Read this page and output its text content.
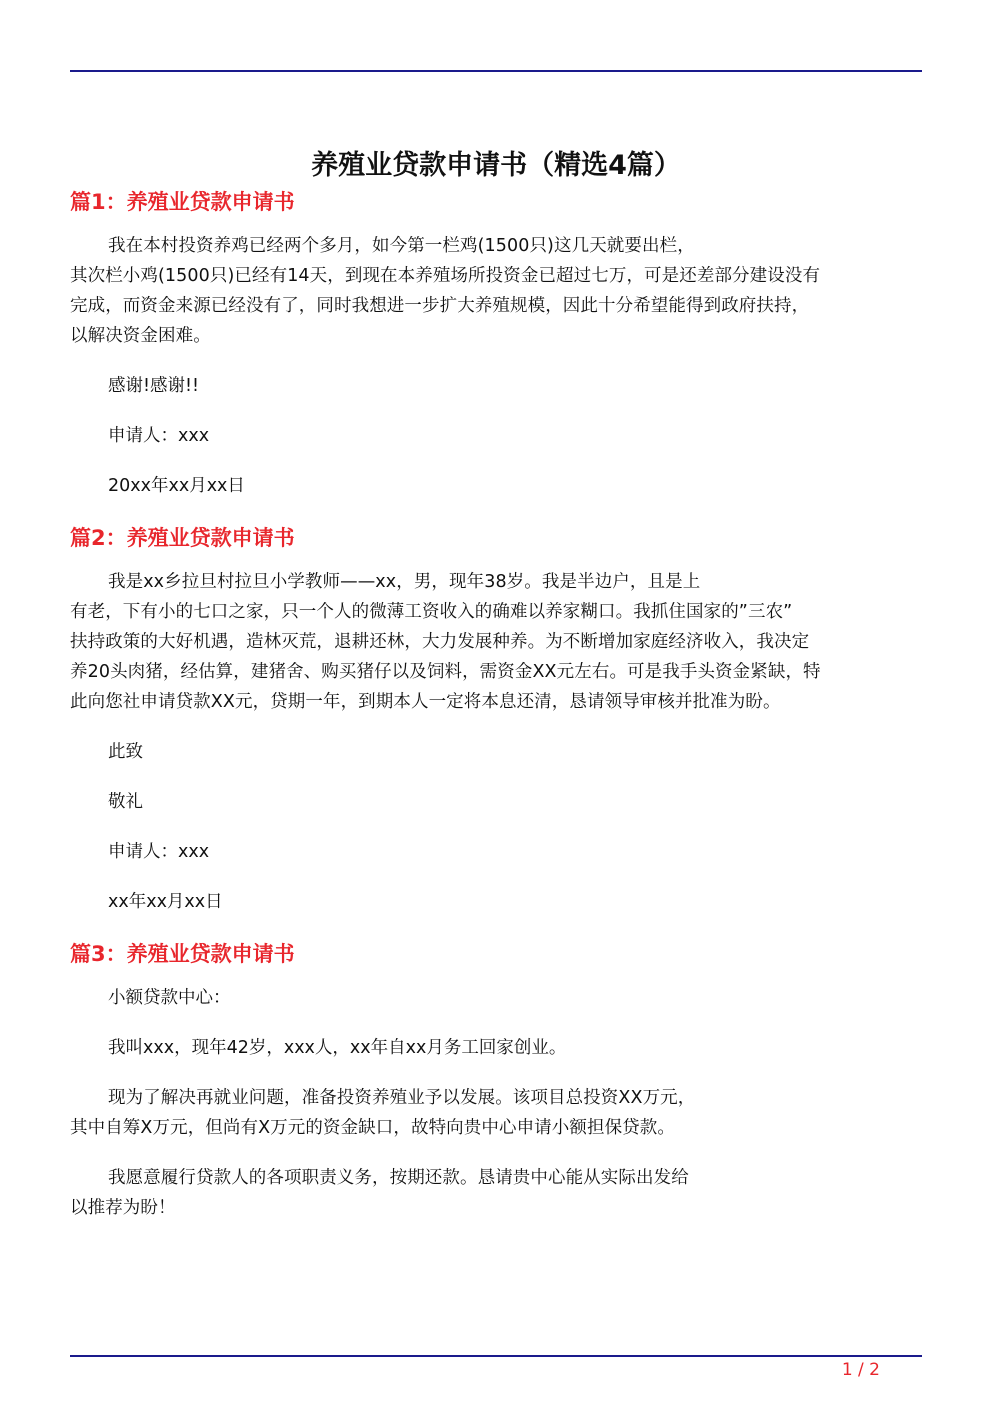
养殖业贷款申请书（精选4篇）
篇1：养殖业贷款申请书

我在本村投资养鸡已经两个多月，如今第一栏鸡(1500只)这几天就要出栏，
其次栏小鸡(1500只)已经有14天，到现在本养殖场所投资金已超过七万，可是还差部分建设没有
完成，而资金来源已经没有了，同时我想进一步扩大养殖规模，因此十分希望能得到政府扶持，
以解决资金困难。

感谢!感谢!!

申请人：xxx

20xx年xx月xx日

篇2：养殖业贷款申请书

我是xx乡拉旦村拉旦小学教师——xx，男，现年38岁。我是半边户，且是上
有老，下有小的七口之家，只一个人的微薄工资收入的确难以养家糊口。我抓住国家的”三农”
扶持政策的大好机遇，造林灭荒，退耕还林，大力发展种养。为不断增加家庭经济收入，我决定
养20头肉猪，经估算，建猪舍、购买猪仔以及饲料，需资金XX元左右。可是我手头资金紧缺，特
此向您社申请贷款XX元，贷期一年，到期本人一定将本息还清，恳请领导审核并批准为盼。

此致

敬礼

申请人：xxx

xx年xx月xx日

篇3：养殖业贷款申请书

小额贷款中心：

我叫xxx，现年42岁，xxx人，xx年自xx月务工回家创业。

现为了解决再就业问题，准备投资养殖业予以发展。该项目总投资XX万元，
其中自筹X万元，但尚有X万元的资金缺口，故特向贵中心申请小额担保贷款。

我愿意履行贷款人的各项职责义务，按期还款。恳请贵中心能从实际出发给
以推荐为盼！

1 / 2
